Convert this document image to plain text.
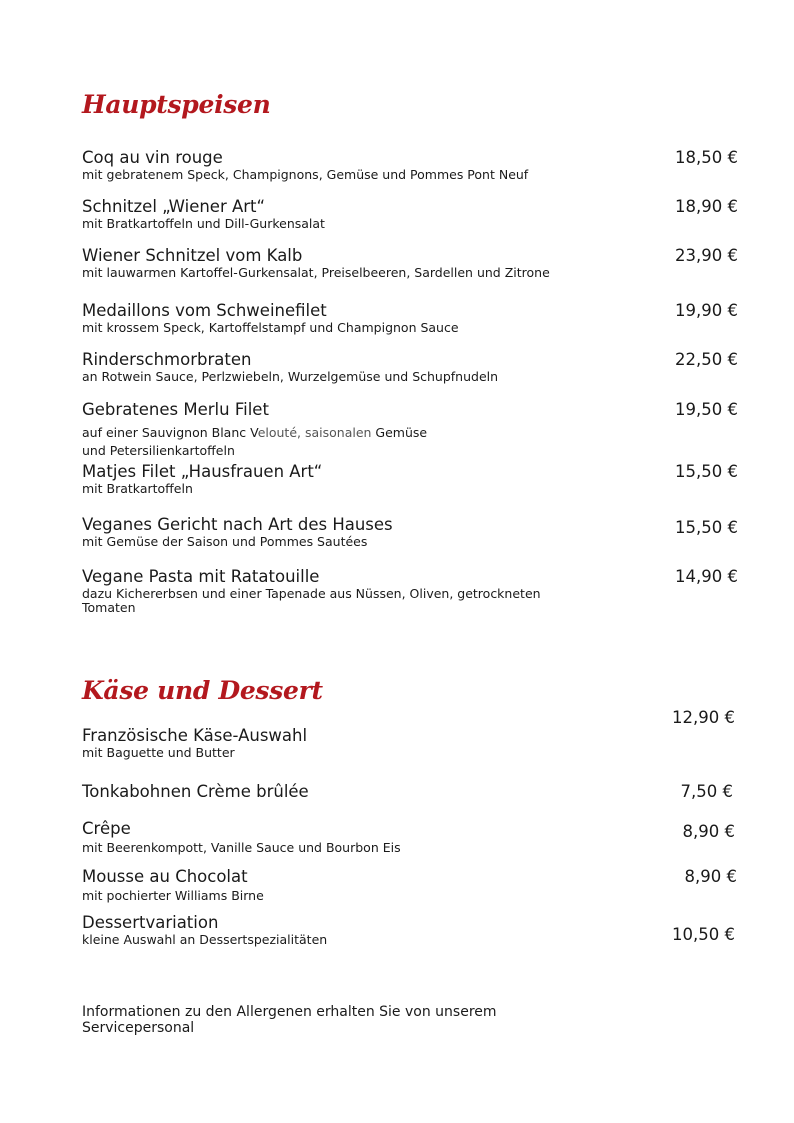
Hauptspeisen
Coq au vin rouge
mit gebratenem Speck, Champignons, Gemüse und Pommes Pont Neuf
18,50 €
Schnitzel „Wiener Art“
mit Bratkartoffeln und Dill-Gurkensalat
18,90 €
Wiener Schnitzel vom Kalb
mit lauwarmen Kartoffel-Gurkensalat, Preiselbeeren, Sardellen und Zitrone
23,90 €
Medaillons vom Schweinefilet
mit krossem Speck, Kartoffelstampf und Champignon Sauce
19,90 €
Rinderschmorbraten
an Rotwein Sauce, Perlzwiebeln, Wurzelgemüse und Schupfnudeln
22,50 €
Gebratenes Merlu Filet
auf einer Sauvignon Blanc Velouté, saisonalen Gemüse
und Petersilienkartoffeln
19,50 €
Matjes Filet „Hausfrauen Art“
mit Bratkartoffeln
15,50 €
Veganes Gericht nach Art des Hauses
mit Gemüse der Saison und Pommes Sautées
15,50 €
Vegane Pasta mit Ratatouille
dazu Kichererbsen und einer Tapenade aus Nüssen, Oliven, getrockneten Tomaten
14,90 €
Käse und Dessert
12,90 €
Französische Käse-Auswahl
mit Baguette und Butter
Tonkabohnen Crème brûlée	7,50 €
Crêpe
mit Beerenkompott, Vanille Sauce und Bourbon Eis
8,90 €
Mousse au Chocolat
mit pochierter Williams Birne
8,90 €
Dessertvariation
kleine Auswahl an Dessertspezialitäten	10,50 €
Informationen zu den Allergenen erhalten Sie von unserem Servicepersonal
